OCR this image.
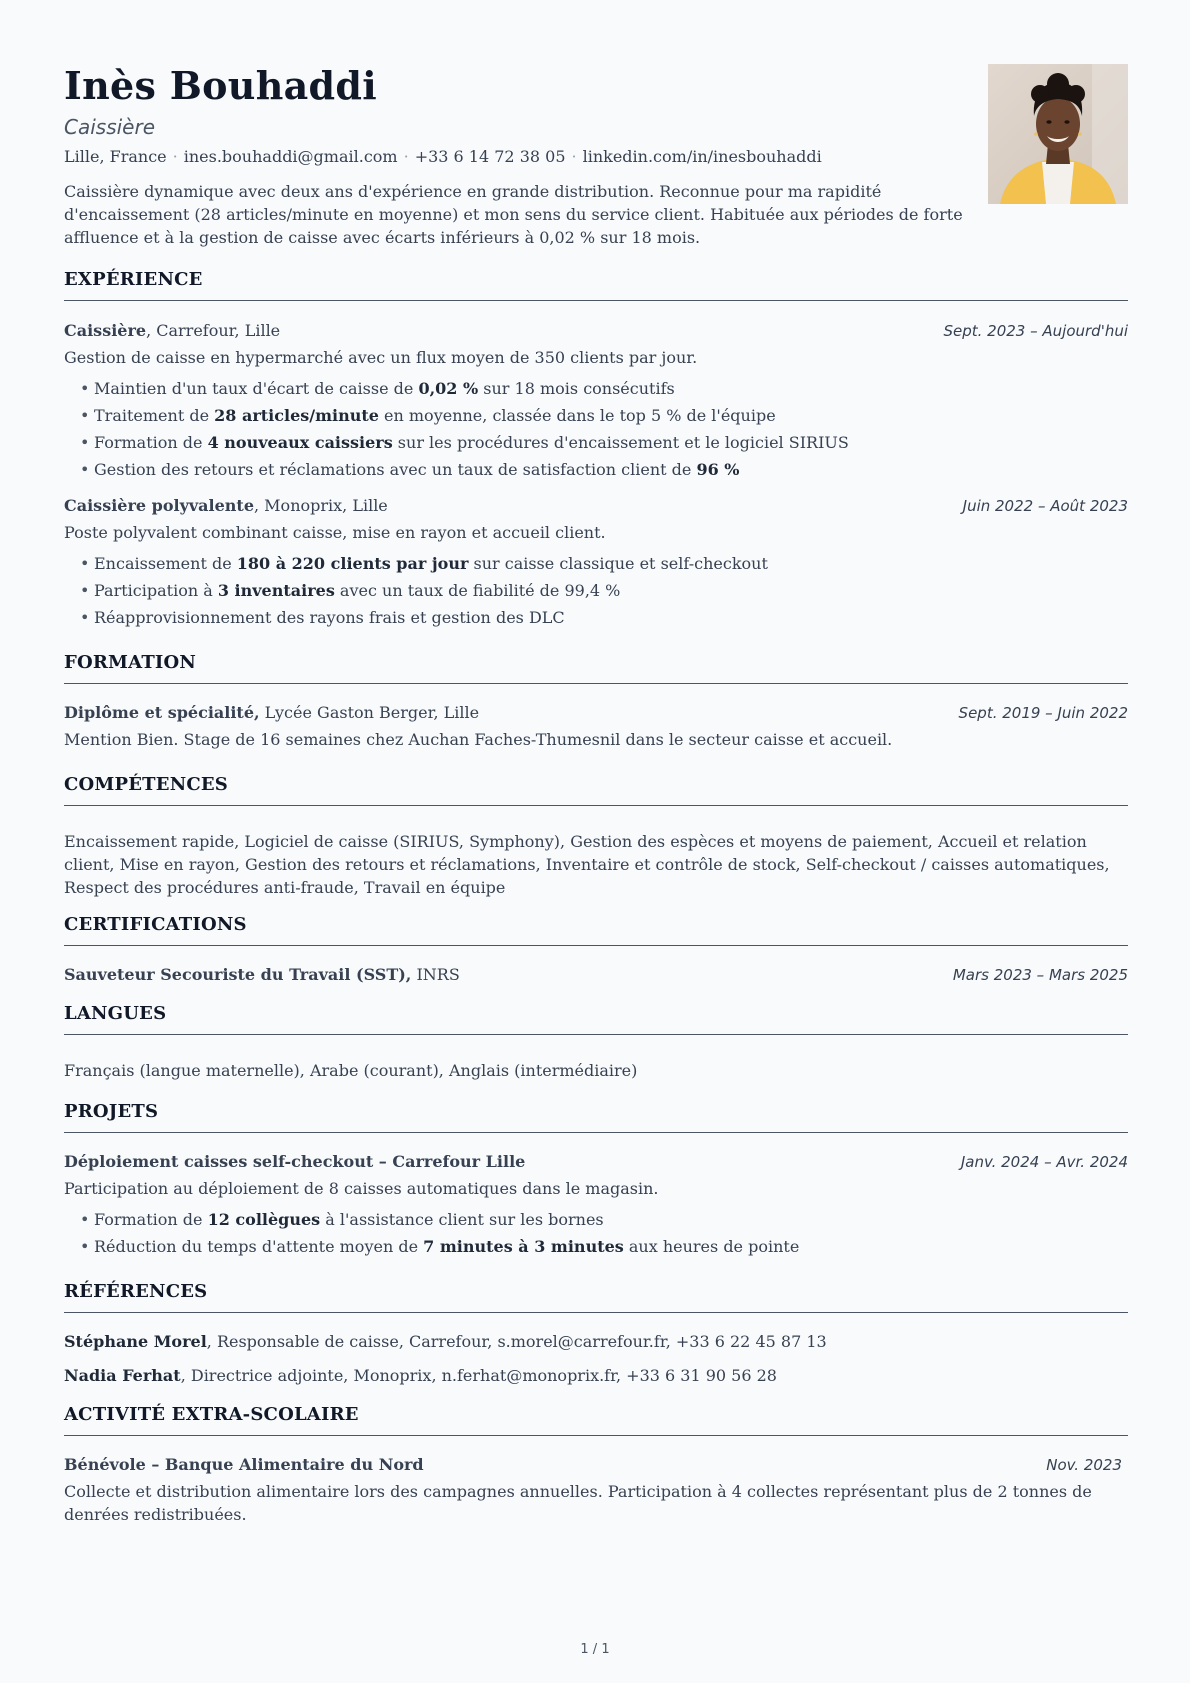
Inès Bouhaddi
Caissière
Lille, France · ines.bouhaddi@gmail.com · +33 6 14 72 38 05 · linkedin.com/in/inesbouhaddi
Caissière dynamique avec deux ans d'expérience en grande distribution. Reconnue pour ma rapidité d'encaissement (28 articles/minute en moyenne) et mon sens du service client. Habituée aux périodes de forte affluence et à la gestion de caisse avec écarts inférieurs à 0,02 % sur 18 mois.
EXPÉRIENCE
Caissière, Carrefour, Lille	Sept. 2023 – Aujourd'hui
Gestion de caisse en hypermarché avec un flux moyen de 350 clients par jour.
• Maintien d'un taux d'écart de caisse de 0,02 % sur 18 mois consécutifs
• Traitement de 28 articles/minute en moyenne, classée dans le top 5 % de l'équipe
• Formation de 4 nouveaux caissiers sur les procédures d'encaissement et le logiciel SIRIUS
• Gestion des retours et réclamations avec un taux de satisfaction client de 96 %
Caissière polyvalente, Monoprix, Lille	Juin 2022 – Août 2023
Poste polyvalent combinant caisse, mise en rayon et accueil client.
• Encaissement de 180 à 220 clients par jour sur caisse classique et self-checkout
• Participation à 3 inventaires avec un taux de fiabilité de 99,4 %
• Réapprovisionnement des rayons frais et gestion des DLC
FORMATION
Diplôme et spécialité, Lycée Gaston Berger, Lille	Sept. 2019 – Juin 2022
Mention Bien. Stage de 16 semaines chez Auchan Faches-Thumesnil dans le secteur caisse et accueil.
COMPÉTENCES
Encaissement rapide, Logiciel de caisse (SIRIUS, Symphony), Gestion des espèces et moyens de paiement, Accueil et relation client, Mise en rayon, Gestion des retours et réclamations, Inventaire et contrôle de stock, Self-checkout / caisses automatiques, Respect des procédures anti-fraude, Travail en équipe
CERTIFICATIONS
Sauveteur Secouriste du Travail (SST), INRS	Mars 2023 – Mars 2025
LANGUES
Français (langue maternelle), Arabe (courant), Anglais (intermédiaire)
PROJETS
Déploiement caisses self-checkout – Carrefour Lille	Janv. 2024 – Avr. 2024
Participation au déploiement de 8 caisses automatiques dans le magasin.
• Formation de 12 collègues à l'assistance client sur les bornes
• Réduction du temps d'attente moyen de 7 minutes à 3 minutes aux heures de pointe
RÉFÉRENCES
Stéphane Morel, Responsable de caisse, Carrefour, s.morel@carrefour.fr, +33 6 22 45 87 13
Nadia Ferhat, Directrice adjointe, Monoprix, n.ferhat@monoprix.fr, +33 6 31 90 56 28
ACTIVITÉ EXTRA-SCOLAIRE
Bénévole – Banque Alimentaire du Nord	Nov. 2023
Collecte et distribution alimentaire lors des campagnes annuelles. Participation à 4 collectes représentant plus de 2 tonnes de denrées redistribuées.
1 / 1
